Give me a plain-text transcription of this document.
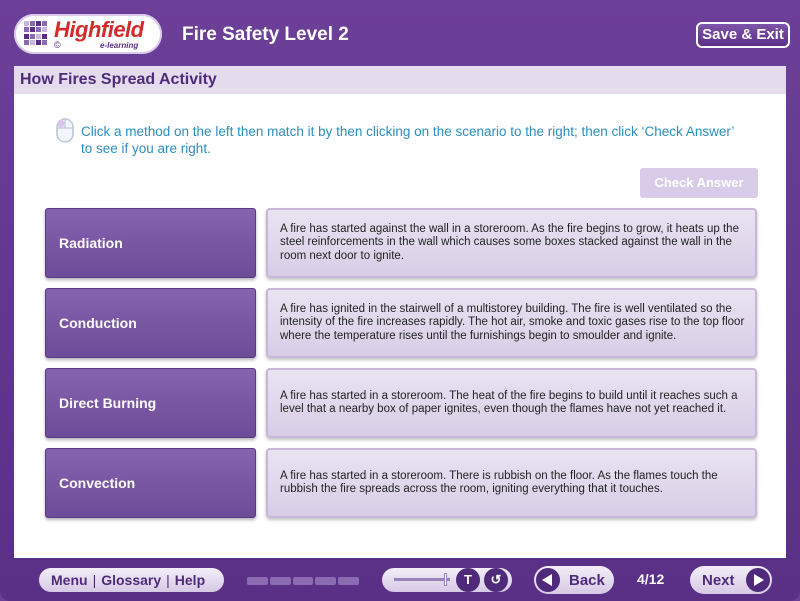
Highfield
©	e-learning
Fire Safety Level 2	Save & Exit
How Fires Spread Activity
Click a method on the left then match it by then clicking on the scenario to the right; then click ‘Check Answer’ to see if you are right.
Check Answer
Radiation
Conduction
Direct Burning
Convection
A fire has started against the wall in a storeroom. As the fire begins to grow, it heats up the steel reinforcements in the wall which causes some boxes stacked against the wall in the room next door to ignite.
A fire has ignited in the stairwell of a multistorey building. The fire is well ventilated so the intensity of the fire increases rapidly. The hot air, smoke and toxic gases rise to the top floor where the temperature rises until the furnishings begin to smoulder and ignite.
A fire has started in a storeroom. The heat of the fire begins to build until it reaches such a level that a nearby box of paper ignites, even though the flames have not yet reached it.
A fire has started in a storeroom. There is rubbish on the floor. As the flames touch the rubbish the fire spreads across the room, igniting everything that it touches.
Menu | Glossary | Help	T	↺	Back 4/12	Next
